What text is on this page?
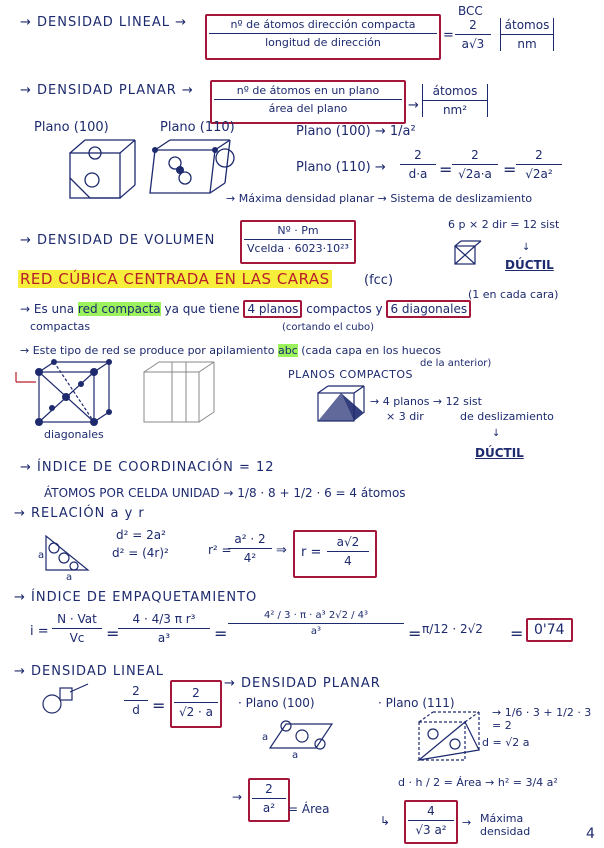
BCC
→ DENSIDAD LINEAL →	nº de átomos dirección compacta
longitud de dirección	=
2
a√3
átomos
nm
→ DENSIDAD PLANAR →	nº de átomos en un plano
área del plano	→
átomos
nm²
Plano (100)	Plano (110)	Plano (100) → 1/a²
Plano (110) →
2
d·a =
2
√2a·a =
2
√2a²
→ Máxima densidad planar → Sistema de deslizamiento
→ DENSIDAD DE VOLUMEN
Nº · Pm
Vcelda · 6023·10²³
6 p × 2 dir = 12 sist
↓
DÚCTIL
RED CÚBICA CENTRADA EN LAS CARAS	(fcc)
(1 en cada cara)
→ Es una red compacta ya que tiene 4 planos compactos y 6 diagonales
compactas	(cortando el cubo)
→ Este tipo de red se produce por apilamiento abc (cada capa en los huecos
de la anterior)
diagonales
PLANOS COMPACTOS
→ 4 planos → 12 sist
× 3 dir	de deslizamiento
↓
DÚCTIL
→ ÍNDICE DE COORDINACIÓN = 12
ÁTOMOS POR CELDA UNIDAD → 1/8 · 8 + 1/2 · 6 = 4 átomos
→ RELACIÓN a y r
a
a
d² = 2a²
d² = (4r)²	r² =
a² · 2
4²	⇒ r =
a√2
4
→ ÍNDICE DE EMPAQUETAMIENTO
i =
N · Vat
Vc	=
4 · 4/3 π r³
a³	=
4² / 3 · π · a³ 2√2 / 4³
a³	= π/12 · 2√2 = 0'74
→ DENSIDAD LINEAL
2
d =
2
√2 · a
→ DENSIDAD PLANAR
· Plano (100)	· Plano (111)
a
a
→ 1/6 · 3 + 1/2 · 3 = 2
d = √2 a
d · h / 2 = Área → h² = 3/4 a²
→
2
a²	= Área
↳
4
√3 a²
→ Máxima densidad	4
